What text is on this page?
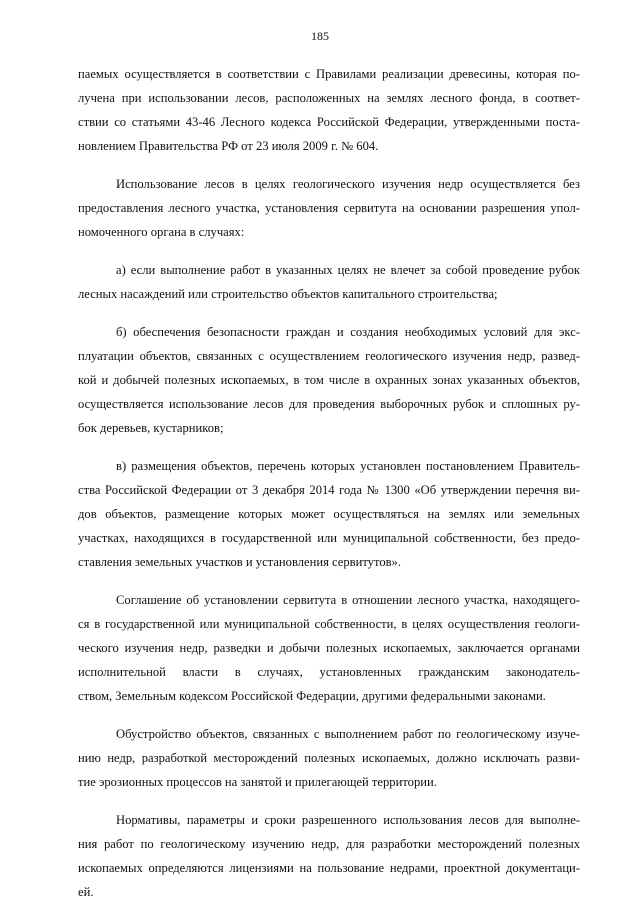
185
паемых осуществляется в соответствии с Правилами реализации древесины, которая по-
лучена при использовании лесов, расположенных на землях лесного фонда, в соответ-
ствии со статьями 43-46 Лесного кодекса Российской Федерации, утвержденными поста-
новлением Правительства РФ от 23 июля 2009 г. № 604.
Использование лесов в целях геологического изучения недр осуществляется без
предоставления лесного участка, установления сервитута на основании разрешения упол-
номоченного органа в случаях:
а) если выполнение работ в указанных целях не влечет за собой проведение рубок
лесных насаждений или строительство объектов капитального строительства;
б) обеспечения безопасности граждан и создания необходимых условий для экс-
плуатации объектов, связанных с осуществлением геологического изучения недр, развед-
кой и добычей полезных ископаемых, в том числе в охранных зонах указанных объектов,
осуществляется использование лесов для проведения выборочных рубок и сплошных ру-
бок деревьев, кустарников;
в) размещения объектов, перечень которых установлен постановлением Правитель-
ства Российской Федерации от 3 декабря 2014 года № 1300 «Об утверждении перечня ви-
дов объектов, размещение которых может осуществляться на землях или земельных
участках, находящихся в государственной или муниципальной собственности, без предо-
ставления земельных участков и установления сервитутов».
Соглашение об установлении сервитута в отношении лесного участка, находящего-
ся в государственной или муниципальной собственности, в целях осуществления геологи-
ческого изучения недр, разведки и добычи полезных ископаемых, заключается органами
исполнительной власти в случаях, установленных гражданским законодатель-
ством, Земельным кодексом Российской Федерации, другими федеральными законами.
Обустройство объектов, связанных с выполнением работ по геологическому изуче-
нию недр, разработкой месторождений полезных ископаемых, должно исключать разви-
тие эрозионных процессов на занятой и прилегающей территории.
Нормативы, параметры и сроки разрешенного использования лесов для выполне-
ния работ по геологическому изучению недр, для разработки месторождений полезных
ископаемых определяются лицензиями на пользование недрами, проектной документаци-
ей.
